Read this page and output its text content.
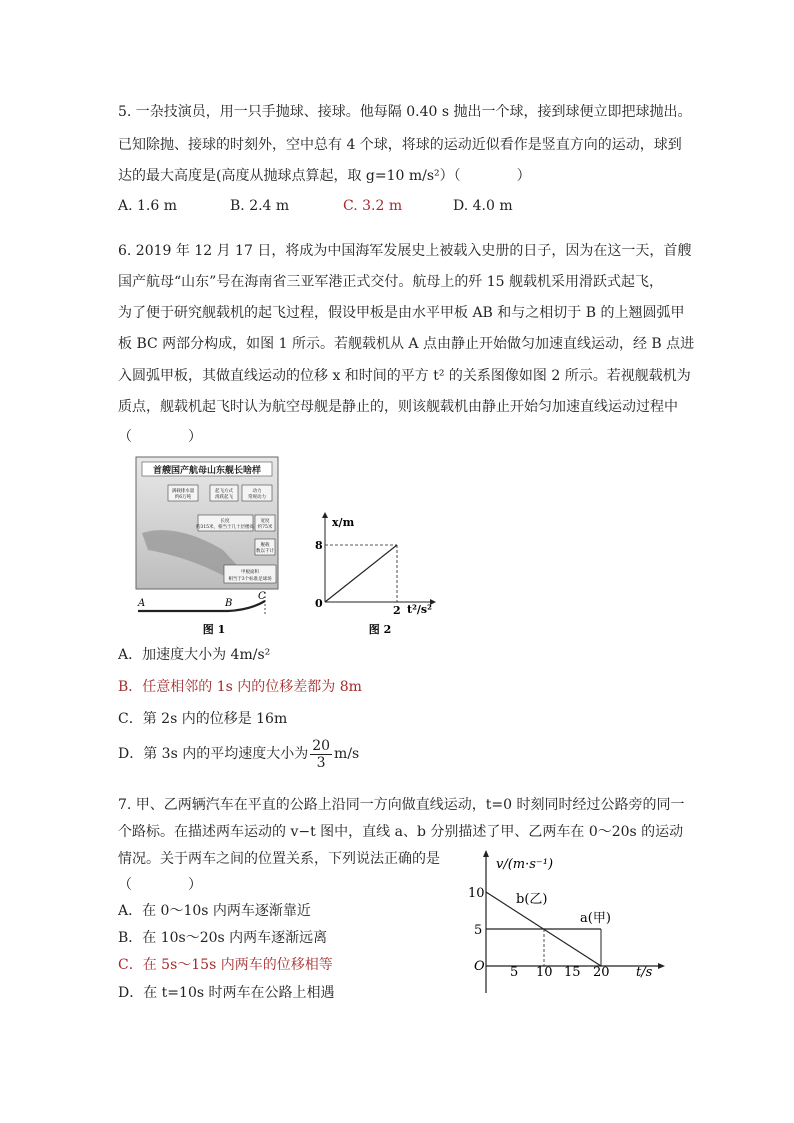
5. 一杂技演员，用一只手抛球、接球。他每隔 0.40 s 抛出一个球，接到球便立即把球抛出。
已知除抛、接球的时刻外，空中总有 4 个球，将球的运动近似看作是竖直方向的运动，球到
达的最大高度是(高度从抛球点算起，取 g=10 m/s²）（　　　　）
A. 1.6 m	B. 2.4 m	C. 3.2 m	D. 4.0 m
6. 2019 年 12 月 17 日，将成为中国海军发展史上被载入史册的日子，因为在这一天，首艘
国产航母“山东”号在海南省三亚军港正式交付。航母上的歼 15 舰载机采用滑跃式起飞，
为了便于研究舰载机的起飞过程，假设甲板是由水平甲板 AB 和与之相切于 B 的上翘圆弧甲
板 BC 两部分构成，如图 1 所示。若舰载机从 A 点由静止开始做匀加速直线运动，经 B 点进
入圆弧甲板，其做直线运动的位移 x 和时间的平方 t² 的关系图像如图 2 所示。若视舰载机为
质点，舰载机起飞时认为航空母舰是静止的，则该舰载机由静止开始匀加速直线运动过程中
（　　　　）
首艘国产航母山东舰长啥样
满载排水量
约6万吨
起飞方式
滑跃起飞
动力
常规动力
长度
约315米，相当于几十层楼高
宽度
约75米
舰载
数以千计
甲板面积
相当于3个标准足球场
A	B
C
图 1
x/m
8
0
2 t²/s²
图 2
A．加速度大小为 4m/s²
B．任意相邻的 1s 内的位移差都为 8m
C．第 2s 内的位移是 16m
D．第 3s 内的平均速度大小为 $\frac{20}{3} m/s$
7. 甲、乙两辆汽车在平直的公路上沿同一方向做直线运动，t=0 时刻同时经过公路旁的同一
个路标。在描述两车运动的 v−t 图中，直线 a、b 分别描述了甲、乙两车在 0～20s 的运动
情况。关于两车之间的位置关系，下列说法正确的是
（　　　　）
A．在 0～10s 内两车逐渐靠近
B．在 10s～20s 内两车逐渐远离
C．在 5s～15s 内两车的位移相等
D．在 t=10s 时两车在公路上相遇
v/(m·s⁻¹)
10
5
O 5 10 15 20 t/s
b(乙)
a(甲)
